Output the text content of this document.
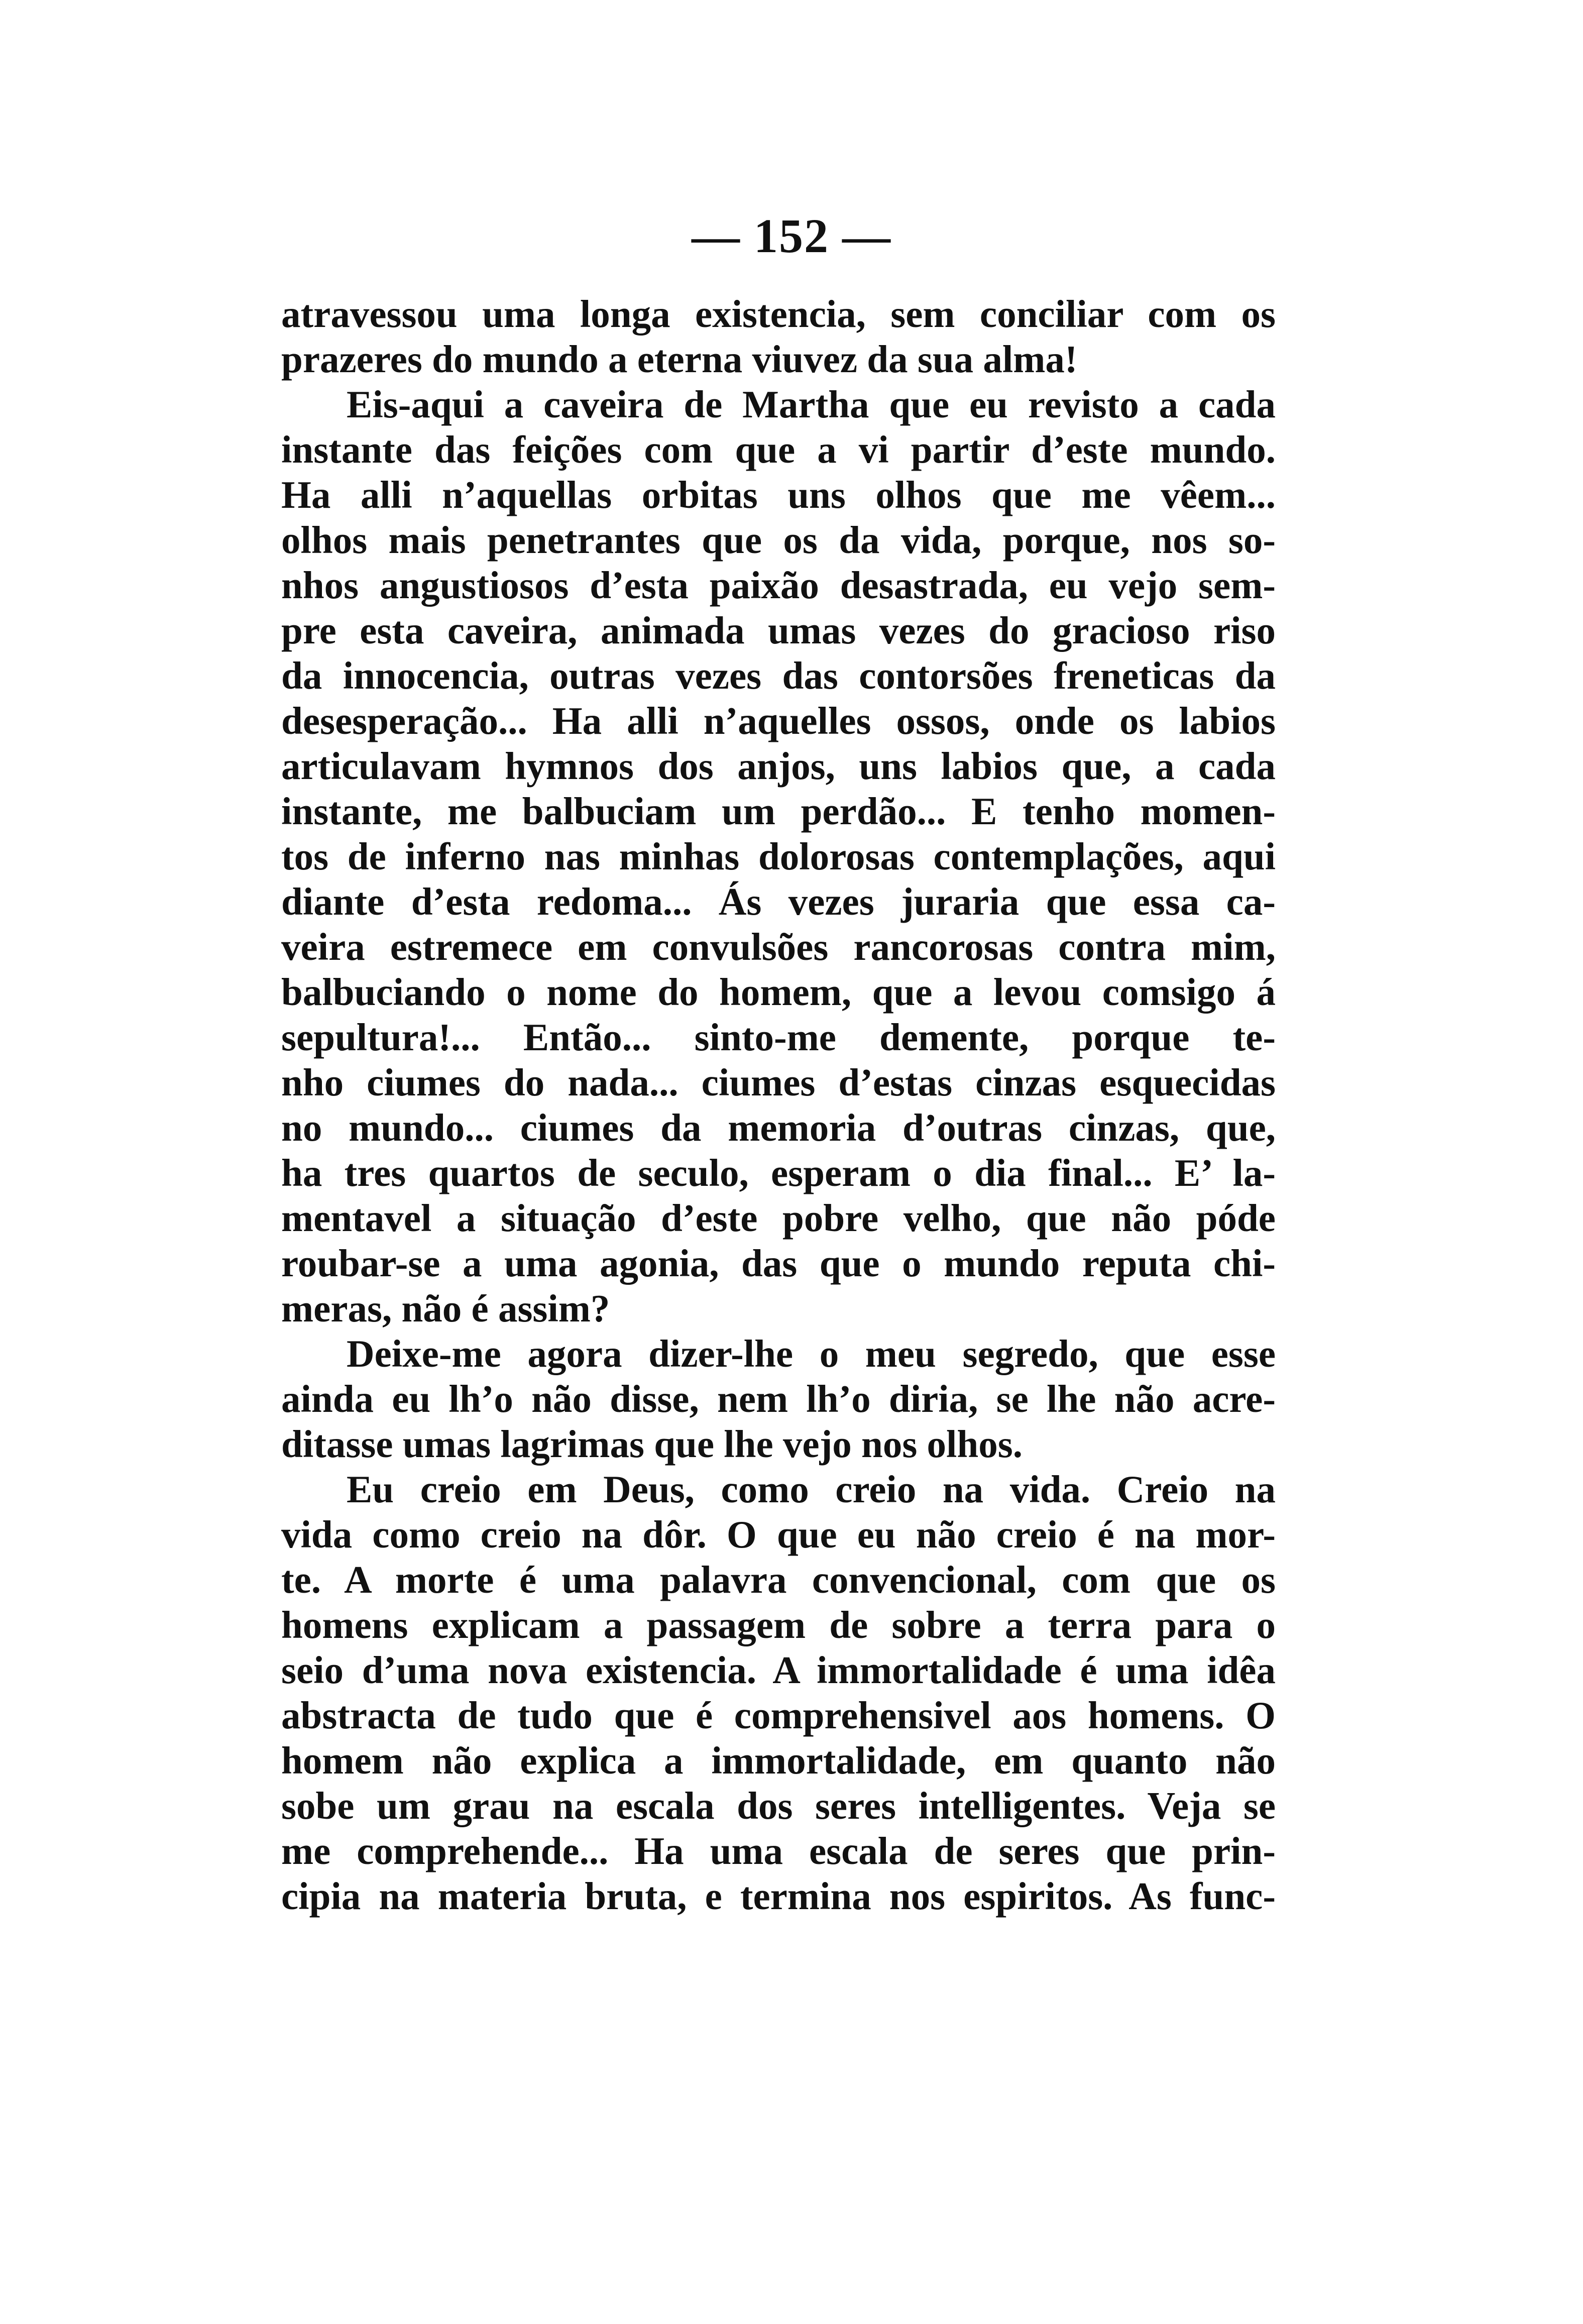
— 152 —
atravessou uma longa existencia, sem conciliar com os
prazeres do mundo a eterna viuvez da sua alma!
Eis-aqui a caveira de Martha que eu revisto a cada
instante das feições com que a vi partir d’este mundo.
Ha alli n’aquellas orbitas uns olhos que me vêem...
olhos mais penetrantes que os da vida, porque, nos so-
nhos angustiosos d’esta paixão desastrada, eu vejo sem-
pre esta caveira, animada umas vezes do gracioso riso
da innocencia, outras vezes das contorsões freneticas da
desesperação... Ha alli n’aquelles ossos, onde os labios
articulavam hymnos dos anjos, uns labios que, a cada
instante, me balbuciam um perdão... E tenho momen-
tos de inferno nas minhas dolorosas contemplações, aqui
diante d’esta redoma... Ás vezes juraria que essa ca-
veira estremece em convulsões rancorosas contra mim,
balbuciando o nome do homem, que a levou comsigo á
sepultura!... Então... sinto-me demente, porque te-
nho ciumes do nada... ciumes d’estas cinzas esquecidas
no mundo... ciumes da memoria d’outras cinzas, que,
ha tres quartos de seculo, esperam o dia final... E’ la-
mentavel a situação d’este pobre velho, que não póde
roubar-se a uma agonia, das que o mundo reputa chi-
meras, não é assim?
Deixe-me agora dizer-lhe o meu segredo, que esse
ainda eu lh’o não disse, nem lh’o diria, se lhe não acre-
ditasse umas lagrimas que lhe vejo nos olhos.
Eu creio em Deus, como creio na vida. Creio na
vida como creio na dôr. O que eu não creio é na mor-
te. A morte é uma palavra convencional, com que os
homens explicam a passagem de sobre a terra para o
seio d’uma nova existencia. A immortalidade é uma idêa
abstracta de tudo que é comprehensivel aos homens. O
homem não explica a immortalidade, em quanto não
sobe um grau na escala dos seres intelligentes. Veja se
me comprehende... Ha uma escala de seres que prin-
cipia na materia bruta, e termina nos espiritos. As func-
